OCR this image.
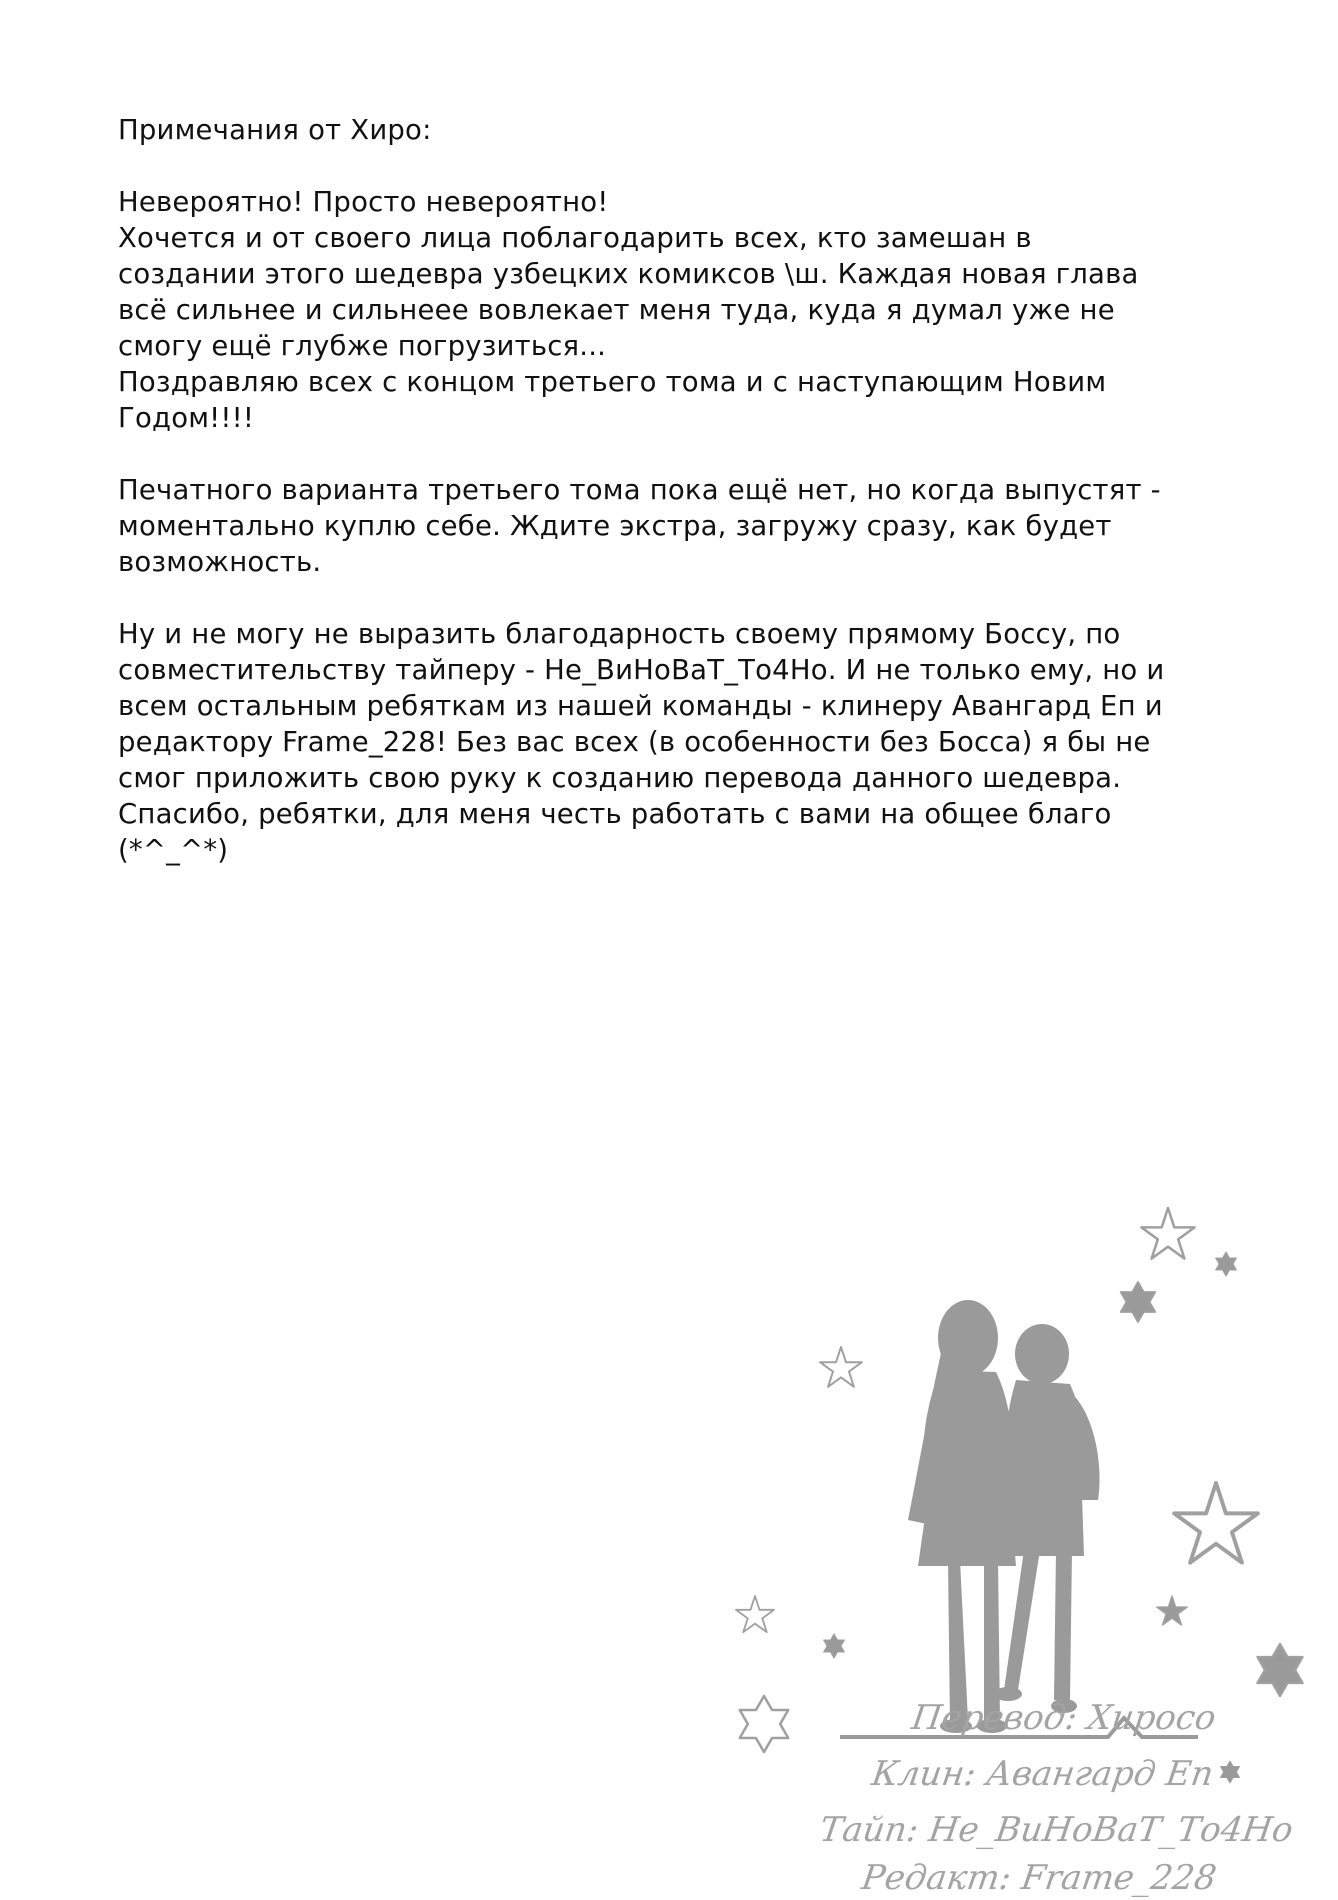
Примечания от Хиро:

Невероятно! Просто невероятно!

Хочется и от своего лица поблагодарить всех, кто замешан в

создании этого шедевра узбецких комиксов \ш. Каждая новая глава

всё сильнее и сильнеее вовлекает меня туда, куда я думал уже не

смогу ещё глубже погрузиться...

Поздравляю всех с концом третьего тома и с наступающим Новим

Годом!!!!

Печатного варианта третьего тома пока ещё нет, но когда выпустят -

моментально куплю себе. Ждите экстра, загружу сразу, как будет

возможность.

Ну и не могу не выразить благодарность своему прямому Боссу, по

совместительству тайперу - Не_ВиНоВаТ_То4Но. И не только ему, но и

всем остальным ребяткам из нашей команды - клинеру Авангард Еп и

редактору Frame_228! Без вас всех (в особенности без Босса) я бы не

смог приложить свою руку к созданию перевода данного шедевра.

Спасибо, ребятки, для меня честь работать с вами на общее благо

(*^_^*)

Перевод: Хиросо
Клин: Авангард Еп
Тайп: Не_ВиНоВаТ_То4Но
Редакт: Frame_228
